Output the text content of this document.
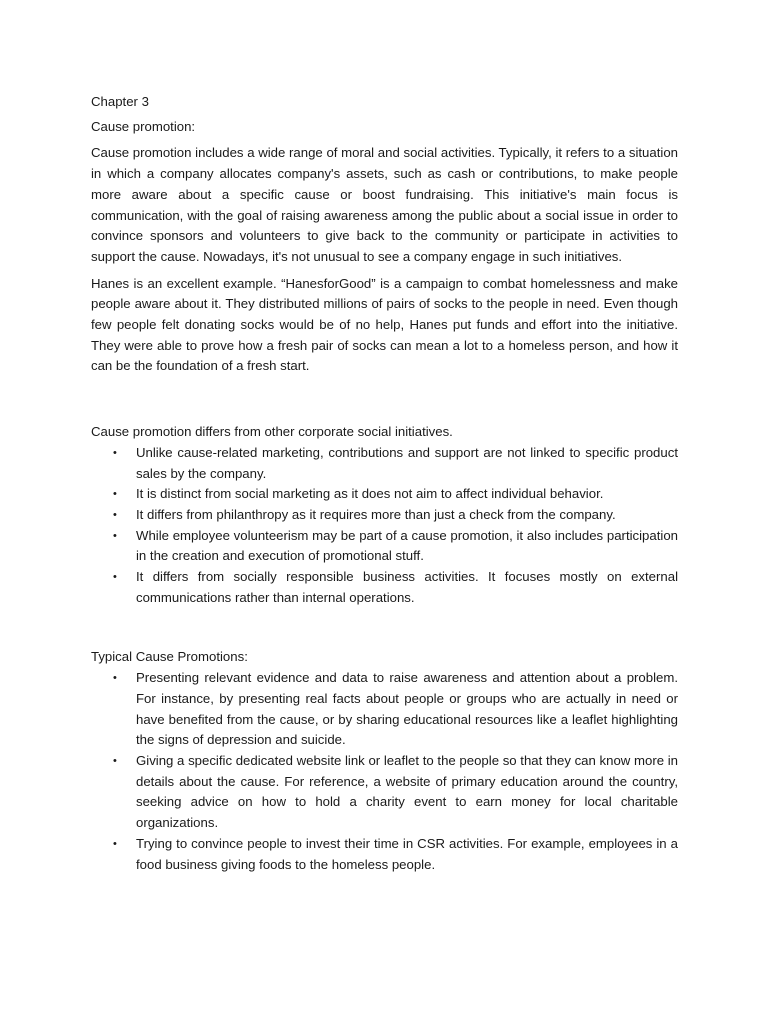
Chapter 3

Cause promotion:

Cause promotion includes a wide range of moral and social activities. Typically, it refers to a situation in which a company allocates company's assets, such as cash or contributions, to make people more aware about a specific cause or boost fundraising. This initiative's main focus is communication, with the goal of raising awareness among the public about a social issue in order to convince sponsors and volunteers to give back to the community or participate in activities to support the cause. Nowadays, it's not unusual to see a company engage in such initiatives.

Hanes is an excellent example. “HanesforGood” is a campaign to combat homelessness and make people aware about it. They distributed millions of pairs of socks to the people in need. Even though few people felt donating socks would be of no help, Hanes put funds and effort into the initiative. They were able to prove how a fresh pair of socks can mean a lot to a homeless person, and how it can be the foundation of a fresh start.

Cause promotion differs from other corporate social initiatives.

• Unlike cause-related marketing, contributions and support are not linked to specific product sales by the company.
• It is distinct from social marketing as it does not aim to affect individual behavior.
• It differs from philanthropy as it requires more than just a check from the company.
• While employee volunteerism may be part of a cause promotion, it also includes participation in the creation and execution of promotional stuff.
• It differs from socially responsible business activities. It focuses mostly on external communications rather than internal operations.

Typical Cause Promotions:

• Presenting relevant evidence and data to raise awareness and attention about a problem. For instance, by presenting real facts about people or groups who are actually in need or have benefited from the cause, or by sharing educational resources like a leaflet highlighting the signs of depression and suicide.
• Giving a specific dedicated website link or leaflet to the people so that they can know more in details about the cause. For reference, a website of primary education around the country, seeking advice on how to hold a charity event to earn money for local charitable organizations.
• Trying to convince people to invest their time in CSR activities. For example, employees in a food business giving foods to the homeless people.
